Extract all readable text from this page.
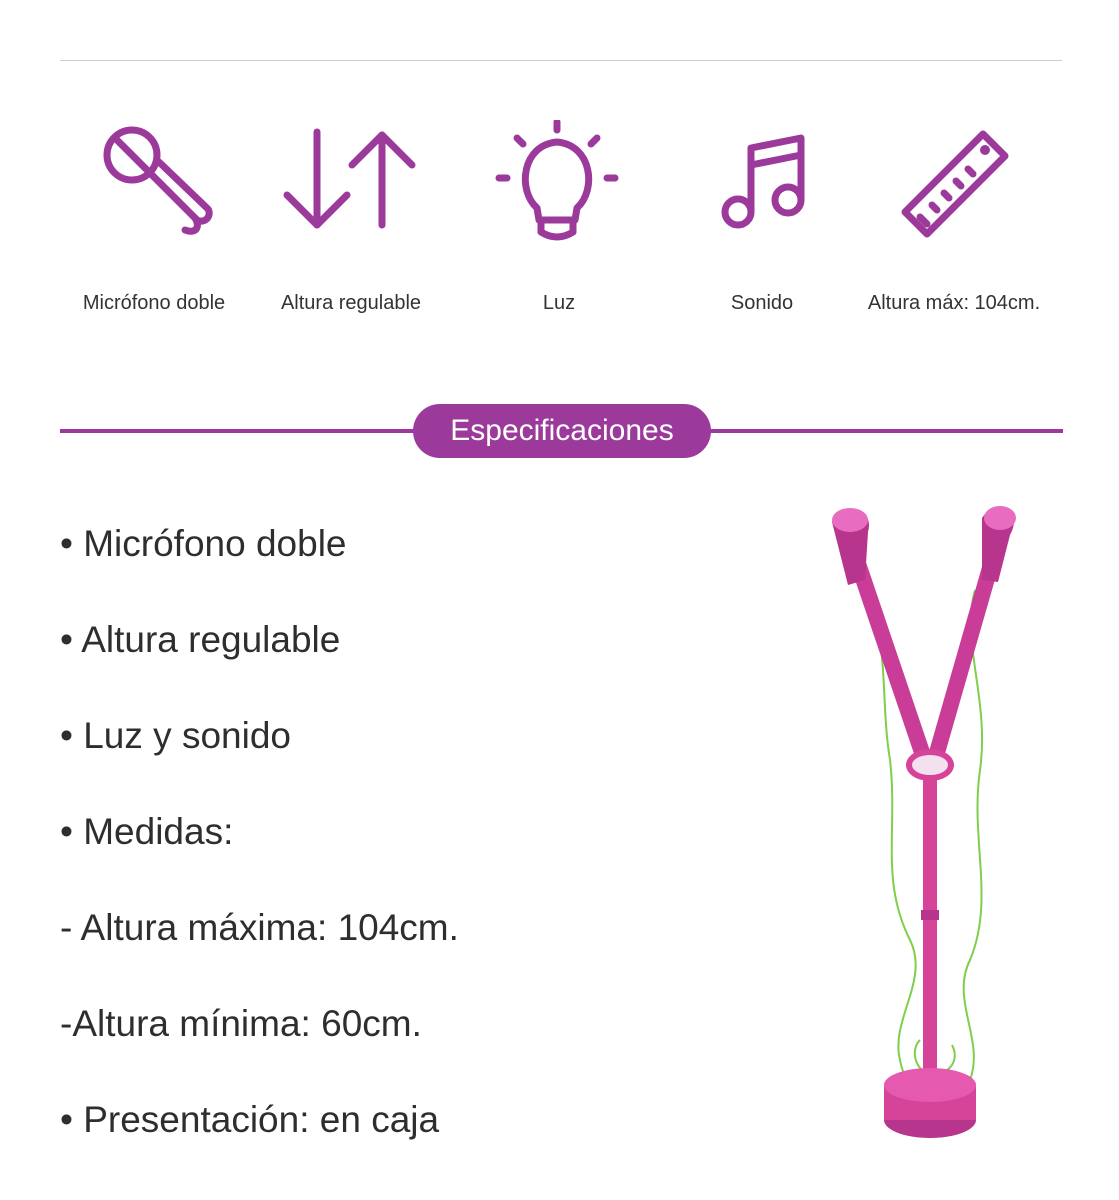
Micrófono doble	Altura regulable	Luz	Sonido	Altura máx: 104cm.
Especificaciones
• Micrófono doble
• Altura regulable
• Luz y sonido
• Medidas:
- Altura máxima: 104cm.
-Altura mínima: 60cm.
• Presentación: en caja
